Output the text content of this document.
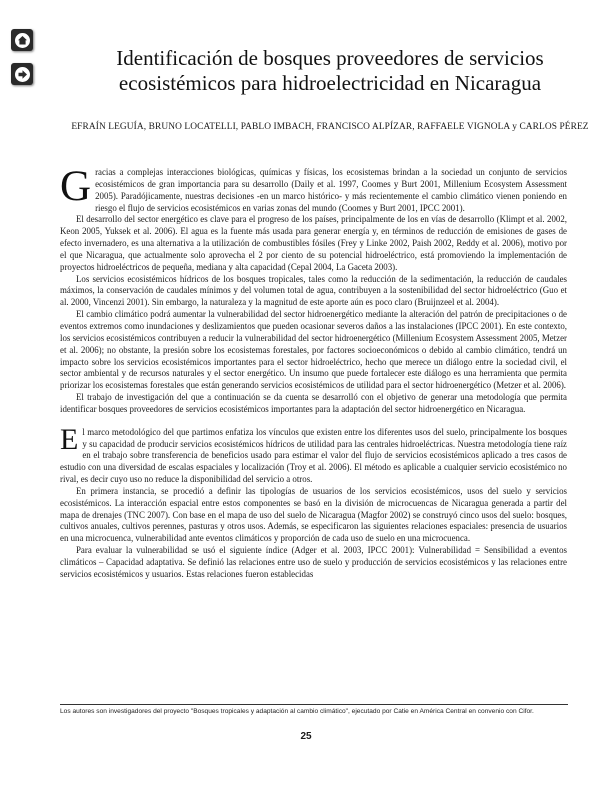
Identificación de bosques proveedores de servicios ecosistémicos para hidroelectricidad en Nicaragua
EFRAÍN LEGUÍA, BRUNO LOCATELLI, PABLO IMBACH, FRANCISCO ALPÍZAR, RAFFAELE VIGNOLA y CARLOS PÉREZ

Gracias a complejas interacciones biológicas, químicas y físicas, los ecosistemas brindan a la sociedad un conjunto de servicios ecosistémicos de gran importancia para su desarrollo (Daily et al. 1997, Coomes y Burt 2001, Millenium Ecosystem Assessment 2005). Paradójicamente, nuestras decisiones -en un marco histórico- y más recientemente el cambio climático vienen poniendo en riesgo el flujo de servicios ecosistémicos en varias zonas del mundo (Coomes y Burt 2001, IPCC 2001).

El desarrollo del sector energético es clave para el progreso de los países, principalmente de los en vías de desarrollo (Klimpt et al. 2002, Keon 2005, Yuksek et al. 2006). El agua es la fuente más usada para generar energía y, en términos de reducción de emisiones de gases de efecto invernadero, es una alternativa a la utilización de combustibles fósiles (Frey y Linke 2002, Paish 2002, Reddy et al. 2006), motivo por el que Nicaragua, que actualmente solo aprovecha el 2 por ciento de su potencial hidroeléctrico, está promoviendo la implementación de proyectos hidroeléctricos de pequeña, mediana y alta capacidad (Cepal 2004, La Gaceta 2003).

Los servicios ecosistémicos hídricos de los bosques tropicales, tales como la reducción de la sedimentación, la reducción de caudales máximos, la conservación de caudales mínimos y del volumen total de agua, contribuyen a la sostenibilidad del sector hidroeléctrico (Guo et al. 2000, Vincenzi 2001). Sin embargo, la naturaleza y la magnitud de este aporte aún es poco claro (Bruijnzeel et al. 2004).

El cambio climático podrá aumentar la vulnerabilidad del sector hidroenergético mediante la alteración del patrón de precipitaciones o de eventos extremos como inundaciones y deslizamientos que pueden ocasionar severos daños a las instalaciones (IPCC 2001). En este contexto, los servicios ecosistémicos contribuyen a reducir la vulnerabilidad del sector hidroenergético (Millenium Ecosystem Assessment 2005, Metzer et al. 2006); no obstante, la presión sobre los ecosistemas forestales, por factores socioeconómicos o debido al cambio climático, tendrá un impacto sobre los servicios ecosistémicos importantes para el sector hidroeléctrico, hecho que merece un diálogo entre la sociedad civil, el sector ambiental y de recursos naturales y el sector energético. Un insumo que puede fortalecer este diálogo es una herramienta que permita priorizar los ecosistemas forestales que están generando servicios ecosistémicos de utilidad para el sector hidroenergético (Metzer et al. 2006).

El trabajo de investigación del que a continuación se da cuenta se desarrolló con el objetivo de generar una metodología que permita identificar bosques proveedores de servicios ecosistémicos importantes para la adaptación del sector hidroenergético en Nicaragua.

El marco metodológico del que partimos enfatiza los vínculos que existen entre los diferentes usos del suelo, principalmente los bosques y su capacidad de producir servicios ecosistémicos hídricos de utilidad para las centrales hidroeléctricas. Nuestra metodología tiene raíz en el trabajo sobre transferencia de beneficios usado para estimar el valor del flujo de servicios ecosistémicos aplicado a tres casos de estudio con una diversidad de escalas espaciales y localización (Troy et al. 2006). El método es aplicable a cualquier servicio ecosistémico no rival, es decir cuyo uso no reduce la disponibilidad del servicio a otros.

En primera instancia, se procedió a definir las tipologías de usuarios de los servicios ecosistémicos, usos del suelo y servicios ecosistémicos. La interacción espacial entre estos componentes se basó en la división de microcuencas de Nicaragua generada a partir del mapa de drenajes (TNC 2007). Con base en el mapa de uso del suelo de Nicaragua (Magfor 2002) se construyó cinco usos del suelo: bosques, cultivos anuales, cultivos perennes, pasturas y otros usos. Además, se especificaron las siguientes relaciones espaciales: presencia de usuarios en una microcuenca, vulnerabilidad ante eventos climáticos y proporción de cada uso de suelo en una microcuenca.

Para evaluar la vulnerabilidad se usó el siguiente índice (Adger et al. 2003, IPCC 2001): Vulnerabilidad = Sensibilidad a eventos climáticos – Capacidad adaptativa. Se definió las relaciones entre uso de suelo y producción de servicios ecosistémicos y las relaciones entre servicios ecosistémicos y usuarios. Estas relaciones fueron establecidas

Los autores son investigadores del proyecto "Bosques tropicales y adaptación al cambio climático", ejecutado por Catie en América Central en convenio con Cifor.
25
